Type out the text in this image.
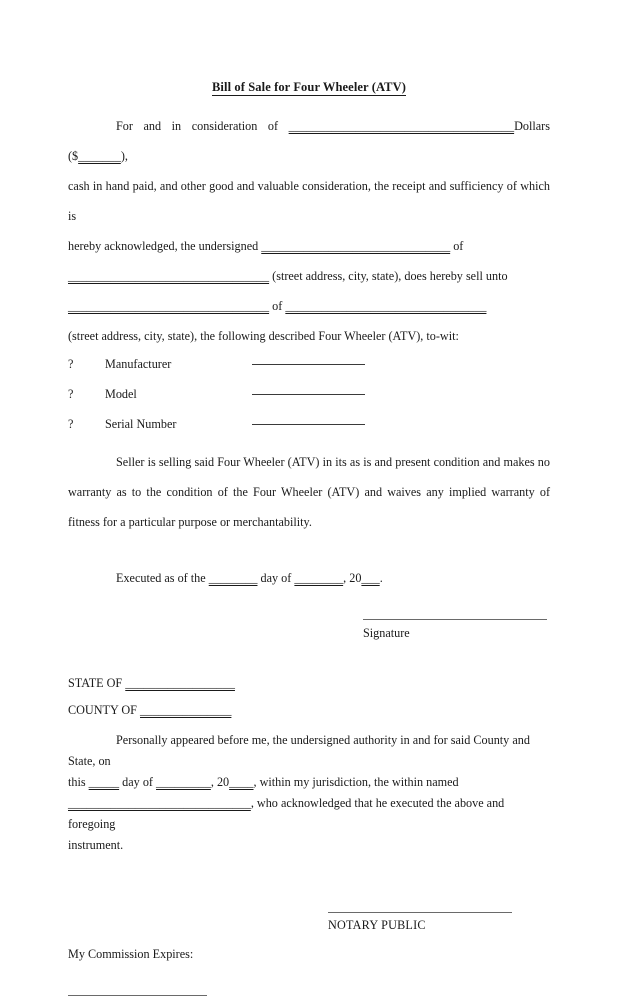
Bill of Sale for Four Wheeler (ATV)

For and in consideration of _____________________________________Dollars ($_______),

cash in hand paid, and other good and valuable consideration, the receipt and sufficiency of which is

hereby acknowledged, the undersigned _______________________________ of

_________________________________ (street address, city, state), does hereby sell unto

_________________________________ of _________________________________

(street address, city, state), the following described Four Wheeler (ATV), to-wit:

?	Manufacturer
?	Model
?	Serial Number

Seller is selling said Four Wheeler (ATV) in its as is and present condition and makes no warranty as to the condition of the Four Wheeler (ATV) and waives any implied warranty of fitness for a particular purpose or merchantability.

Executed as of the ________ day of ________, 20___.

Signature
STATE OF __________________
COUNTY OF _______________

Personally appeared before me, the undersigned authority in and for said County and State, on

this _____ day of _________, 20____, within my jurisdiction, the within named

______________________________, who acknowledged that he executed the above and foregoing

instrument.

NOTARY PUBLIC
My Commission Expires:
